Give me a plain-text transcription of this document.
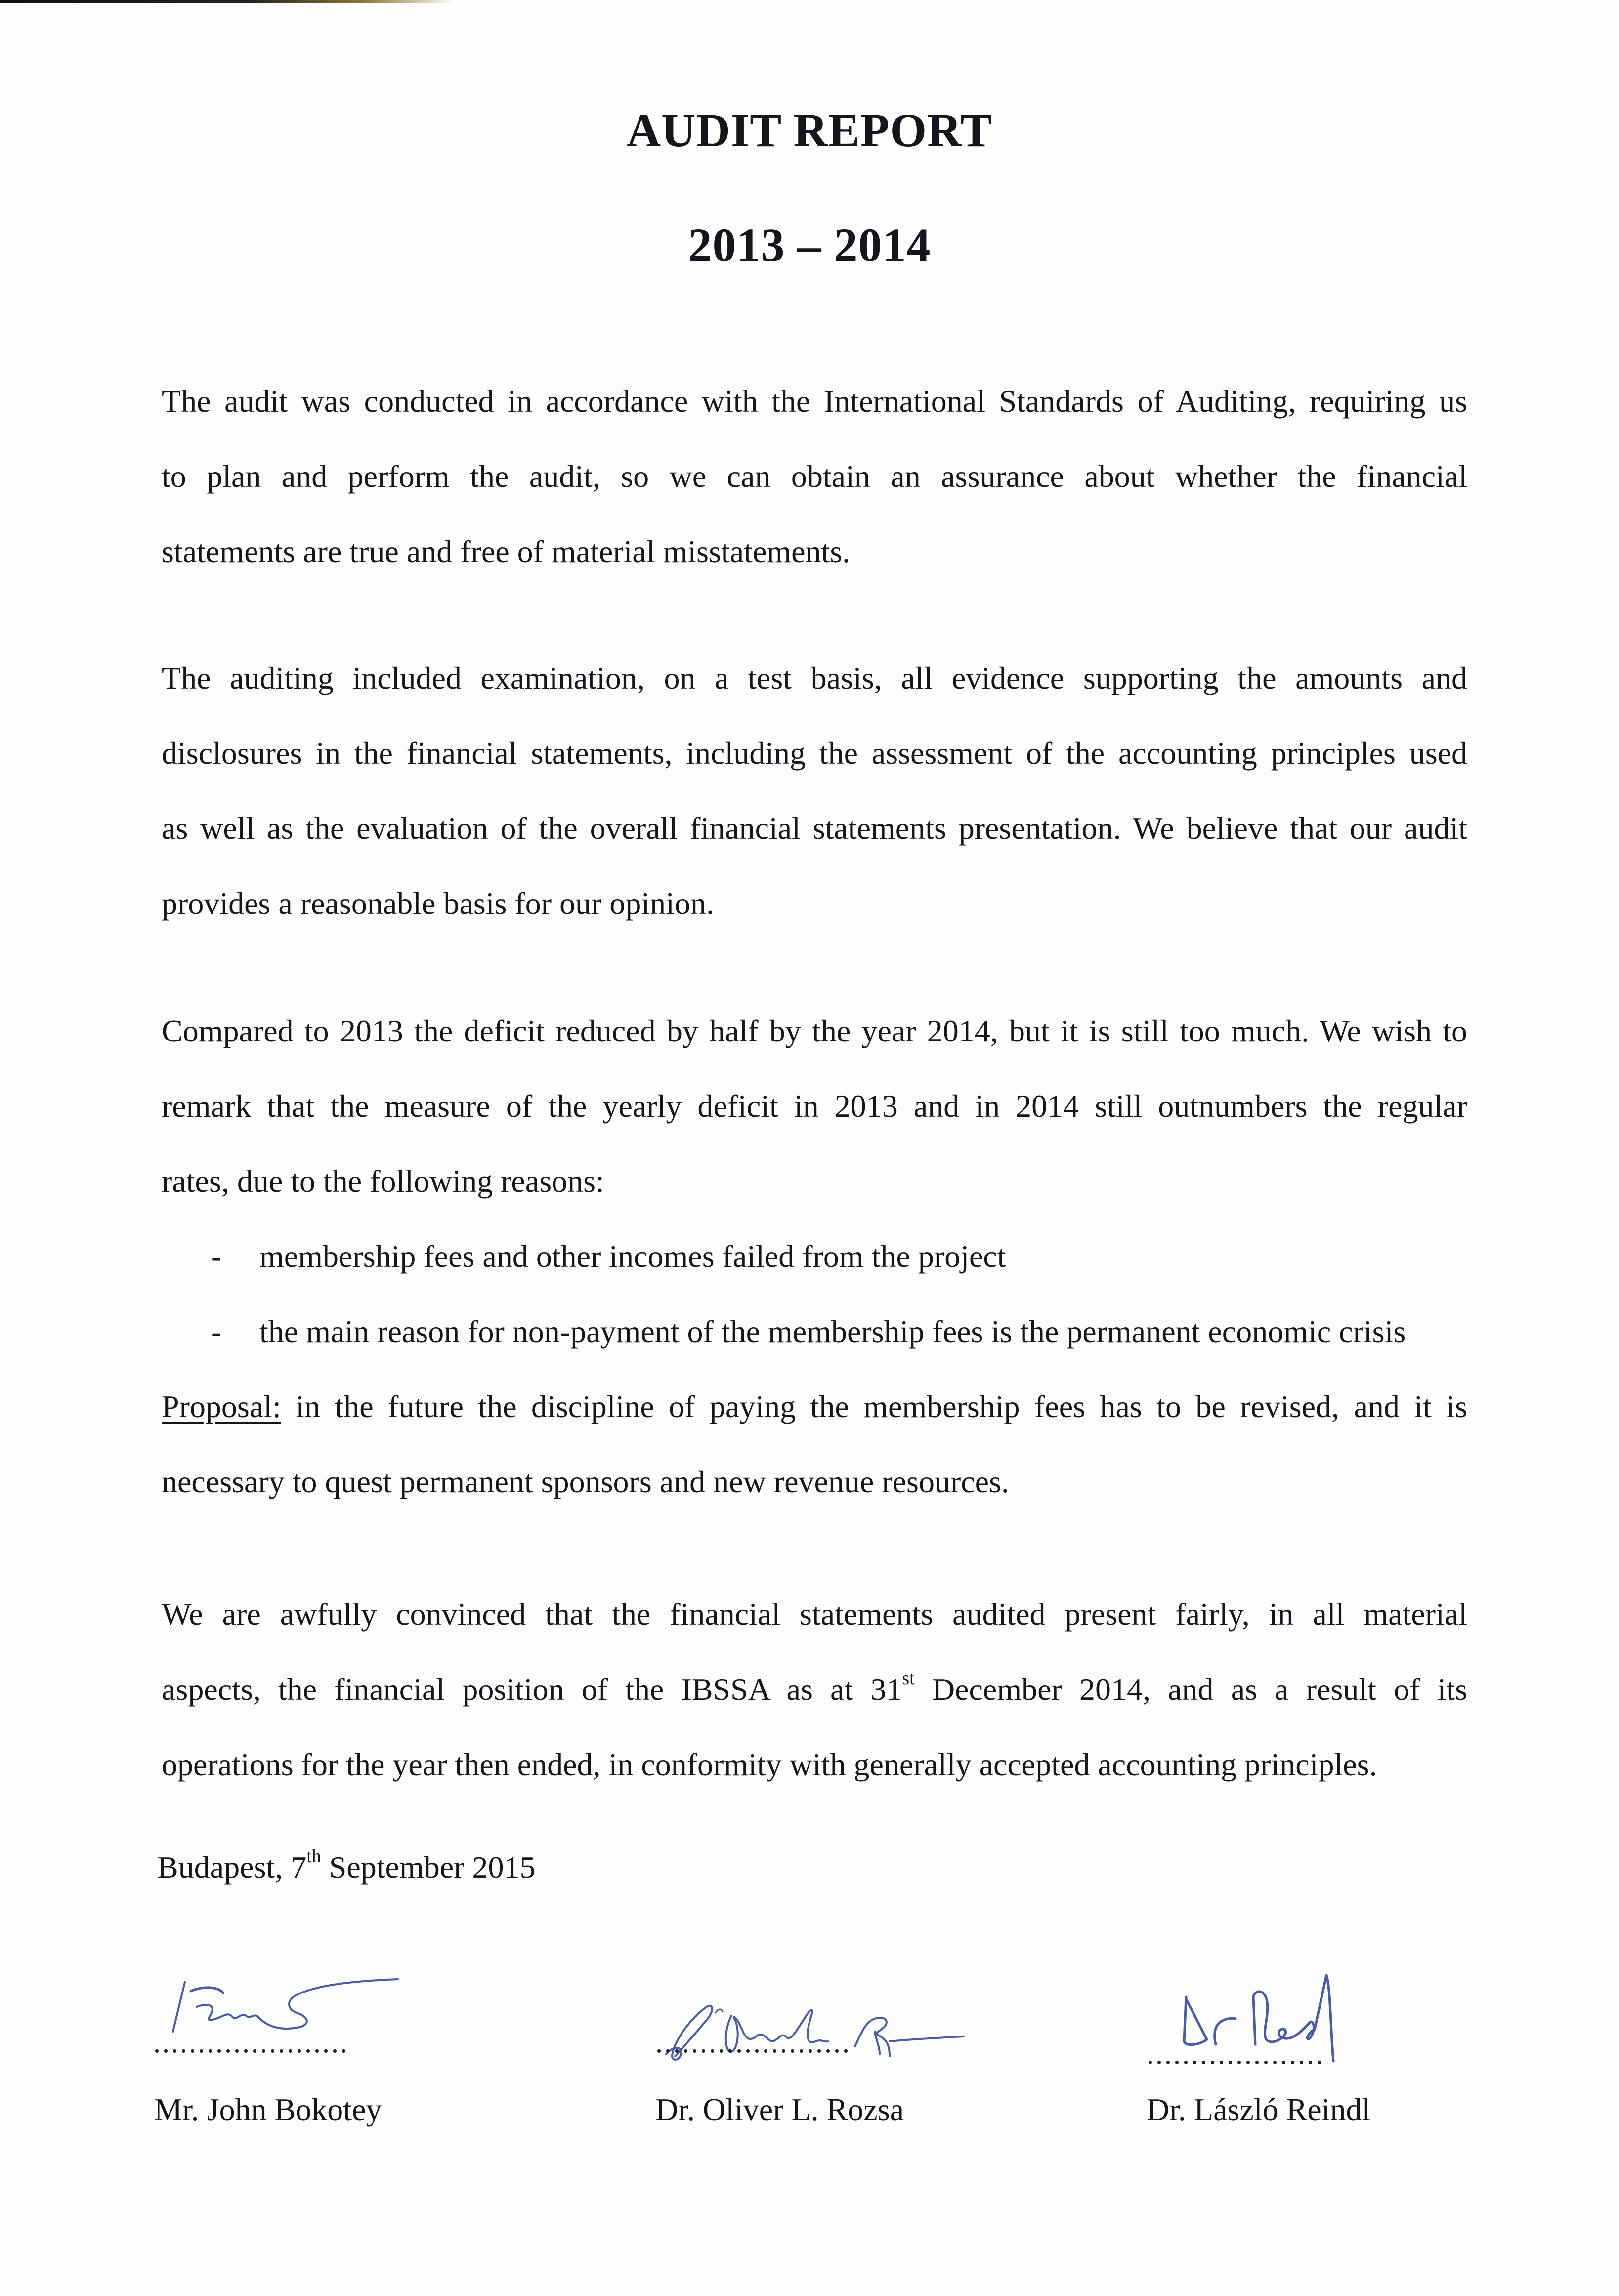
AUDIT REPORT
2013 – 2014

The audit was conducted in accordance with the International Standards of Auditing, requiring us
to plan and perform the audit, so we can obtain an assurance about whether the financial
statements are true and free of material misstatements.

The auditing included examination, on a test basis, all evidence supporting the amounts and
disclosures in the financial statements, including the assessment of the accounting principles used
as well as the evaluation of the overall financial statements presentation. We believe that our audit
provides a reasonable basis for our opinion.

Compared to 2013 the deficit reduced by half by the year 2014, but it is still too much. We wish to
remark that the measure of the yearly deficit in 2013 and in 2014 still outnumbers the regular
rates, due to the following reasons:

- membership fees and other incomes failed from the project
- the main reason for non-payment of the membership fees is the permanent economic crisis

Proposal: in the future the discipline of paying the membership fees has to be revised, and it is
necessary to quest permanent sponsors and new revenue resources.

We are awfully convinced that the financial statements audited present fairly, in all material
aspects, the financial position of the IBSSA as at 31st December 2014, and as a result of its
operations for the year then ended, in conformity with generally accepted accounting principles.

Budapest, 7th September 2015

......................
Mr. John Bokotey
......................
Dr. Oliver L. Rozsa
....................
Dr. László Reindl
